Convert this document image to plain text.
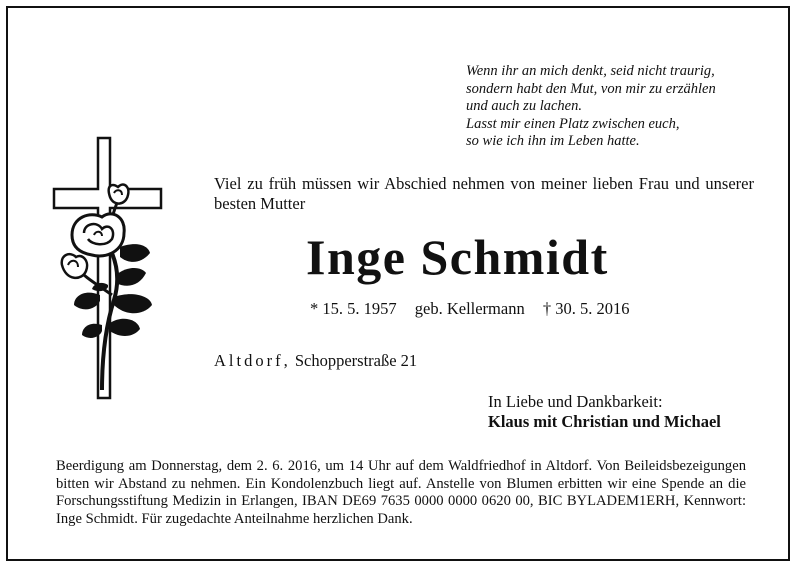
Wenn ihr an mich denkt, seid nicht traurig,
sondern habt den Mut, von mir zu erzählen
und auch zu lachen.
Lasst mir einen Platz zwischen euch,
so wie ich ihn im Leben hatte.
Viel zu früh müssen wir Abschied nehmen von meiner lieben Frau und unserer besten Mutter
Inge Schmidt
* 15. 5. 1957 geb. Kellermann † 30. 5. 2016
Altdorf, Schopperstraße 21
In Liebe und Dankbarkeit:
Klaus mit Christian und Michael
Beerdigung am Donnerstag, dem 2. 6. 2016, um 14 Uhr auf dem Waldfriedhof in Altdorf. Von Beileidsbezeigungen bitten wir Abstand zu nehmen. Ein Kondolenzbuch liegt auf. Anstelle von Blumen erbitten wir eine Spende an die Forschungsstiftung Medizin in Erlangen, IBAN DE69 7635 0000 0000 0620 00, BIC BYLADEM1ERH, Kennwort: Inge Schmidt. Für zugedachte Anteilnahme herzlichen Dank.
